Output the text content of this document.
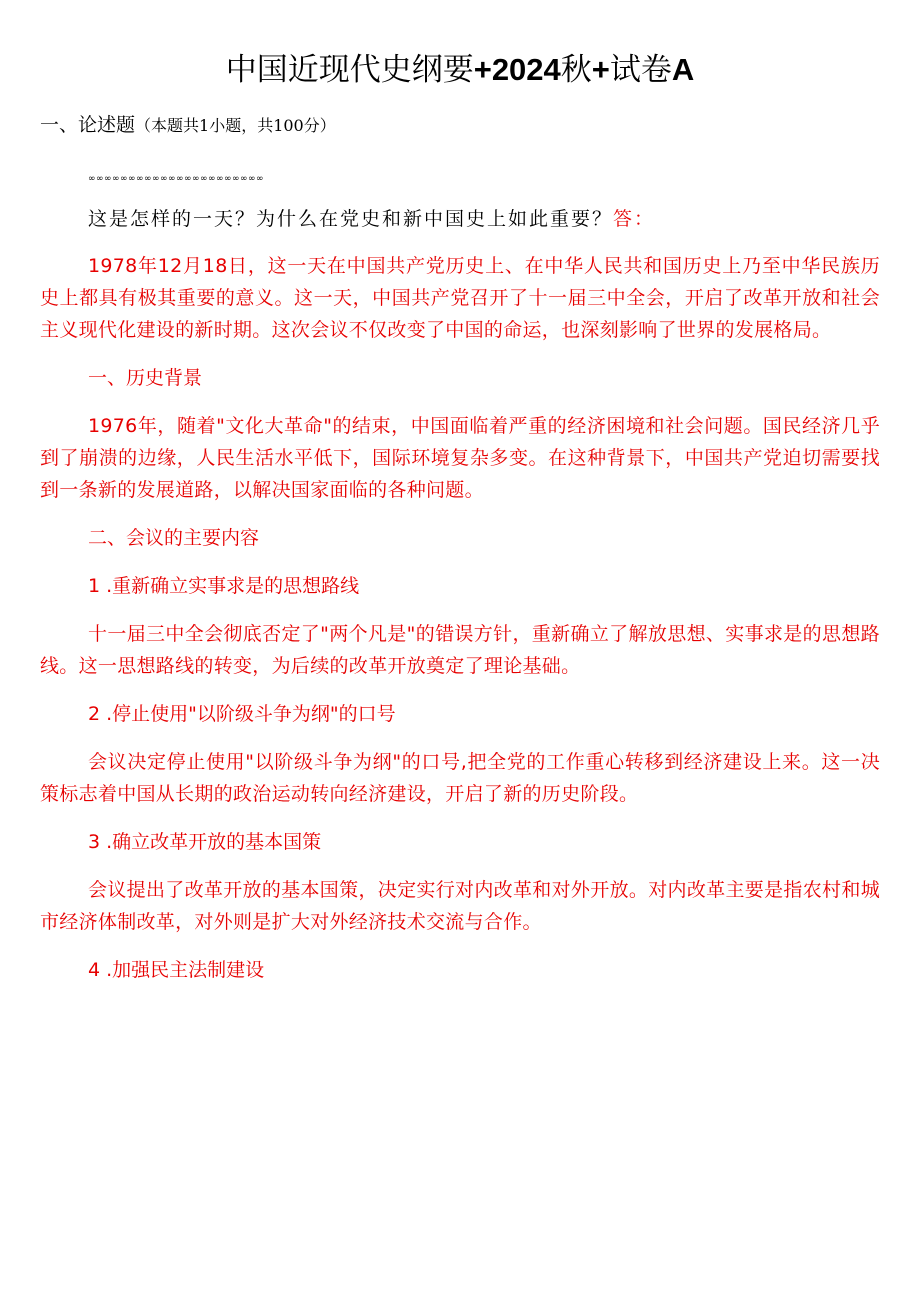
中国近现代史纲要+2024秋+试卷A
一、论述题（本题共1小题，共100分）
∞∞∞∞∞∞∞∞∞∞∞∞∞∞∞∞∞∞∞∞∞∞
这是怎样的一天？为什么在党史和新中国史上如此重要？答：

1978年12月18日，这一天在中国共产党历史上、在中华人民共和国历史上乃至中华民族历史上都具有极其重要的意义。这一天，中国共产党召开了十一届三中全会，开启了改革开放和社会主义现代化建设的新时期。这次会议不仅改变了中国的命运，也深刻影响了世界的发展格局。

一、历史背景

1976年，随着"文化大革命"的结束，中国面临着严重的经济困境和社会问题。国民经济几乎到了崩溃的边缘，人民生活水平低下，国际环境复杂多变。在这种背景下，中国共产党迫切需要找到一条新的发展道路，以解决国家面临的各种问题。

二、会议的主要内容

1 .重新确立实事求是的思想路线

十一届三中全会彻底否定了"两个凡是"的错误方针，重新确立了解放思想、实事求是的思想路线。这一思想路线的转变，为后续的改革开放奠定了理论基础。

2 .停止使用"以阶级斗争为纲"的口号

会议决定停止使用"以阶级斗争为纲"的口号,把全党的工作重心转移到经济建设上来。这一决策标志着中国从长期的政治运动转向经济建设，开启了新的历史阶段。

3 .确立改革开放的基本国策

会议提出了改革开放的基本国策，决定实行对内改革和对外开放。对内改革主要是指农村和城市经济体制改革，对外则是扩大对外经济技术交流与合作。

4 .加强民主法制建设
